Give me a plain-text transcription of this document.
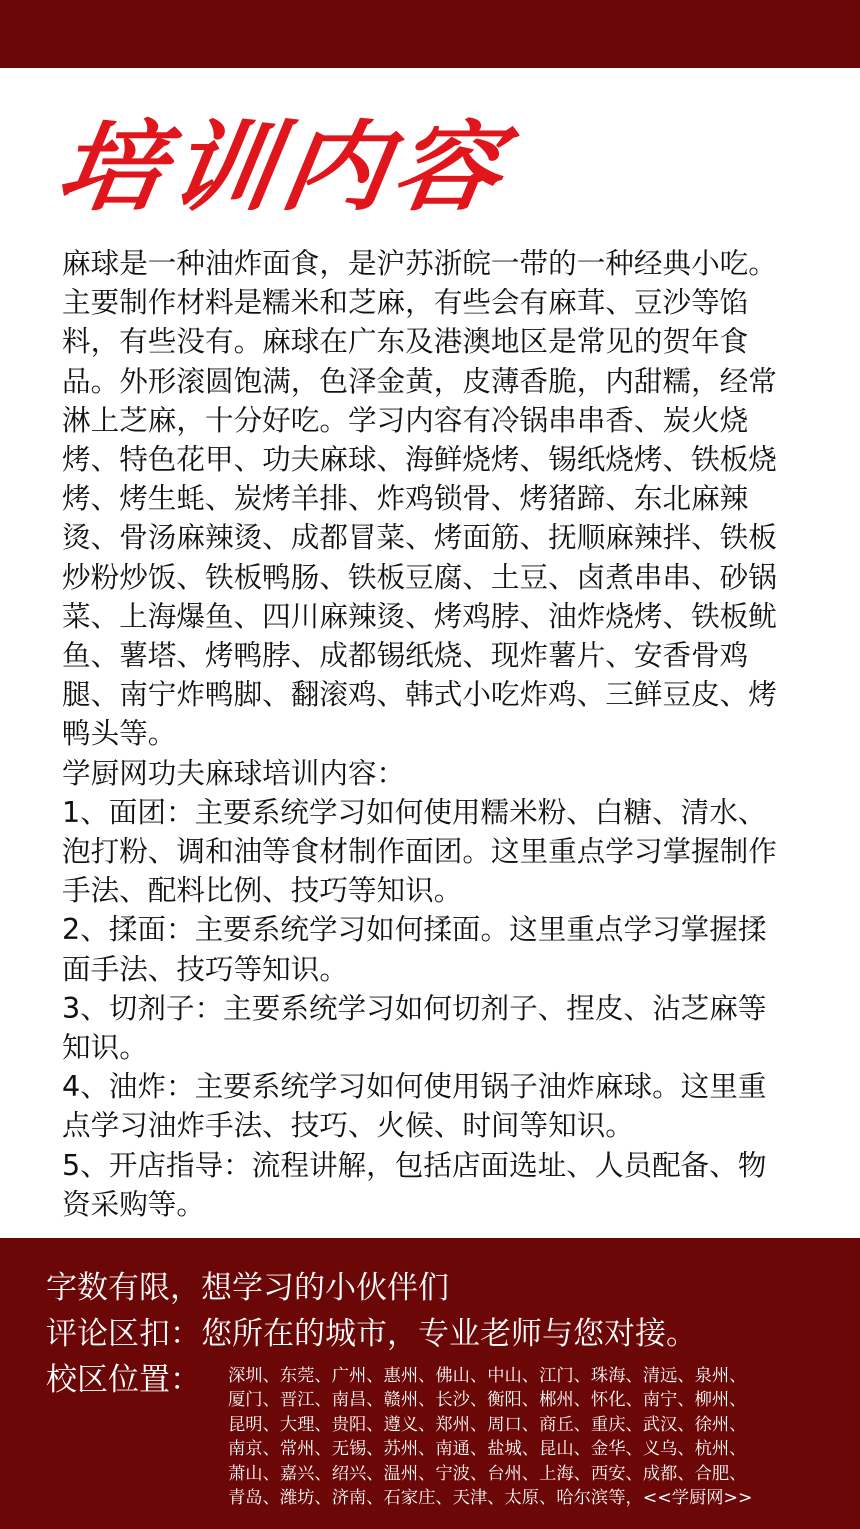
培训内容

麻球是一种油炸面食，是沪苏浙皖一带的一种经典小吃。主要制作材料是糯米和芝麻，有些会有麻茸、豆沙等馅料，有些没有。麻球在广东及港澳地区是常见的贺年食品。外形滚圆饱满，色泽金黄，皮薄香脆，内甜糯，经常淋上芝麻，十分好吃。学习内容有冷锅串串香、炭火烧烤、特色花甲、功夫麻球、海鲜烧烤、锡纸烧烤、铁板烧烤、烤生蚝、炭烤羊排、炸鸡锁骨、烤猪蹄、东北麻辣烫、骨汤麻辣烫、成都冒菜、烤面筋、抚顺麻辣拌、铁板炒粉炒饭、铁板鸭肠、铁板豆腐、土豆、卤煮串串、砂锅菜、上海爆鱼、四川麻辣烫、烤鸡脖、油炸烧烤、铁板鱿鱼、薯塔、烤鸭脖、成都锡纸烧、现炸薯片、安香骨鸡腿、南宁炸鸭脚、翻滚鸡、韩式小吃炸鸡、三鲜豆皮、烤鸭头等。

学厨网功夫麻球培训内容：

1、面团：主要系统学习如何使用糯米粉、白糖、清水、泡打粉、调和油等食材制作面团。这里重点学习掌握制作手法、配料比例、技巧等知识。

2、揉面：主要系统学习如何揉面。这里重点学习掌握揉面手法、技巧等知识。

3、切剂子：主要系统学习如何切剂子、捏皮、沾芝麻等知识。

4、油炸：主要系统学习如何使用锅子油炸麻球。这里重点学习油炸手法、技巧、火候、时间等知识。

5、开店指导：流程讲解，包括店面选址、人员配备、物资采购等。

字数有限，想学习的小伙伴们
评论区扣：您所在的城市，专业老师与您对接。
校区位置： 深圳、东莞、广州、惠州、佛山、中山、江门、珠海、清远、泉州、
厦门、晋江、南昌、赣州、长沙、衡阳、郴州、怀化、南宁、柳州、
昆明、大理、贵阳、遵义、郑州、周口、商丘、重庆、武汉、徐州、
南京、常州、无锡、苏州、南通、盐城、昆山、金华、义乌、杭州、
萧山、嘉兴、绍兴、温州、宁波、台州、上海、西安、成都、合肥、
青岛、潍坊、济南、石家庄、天津、太原、哈尔滨等，<<学厨网>>
